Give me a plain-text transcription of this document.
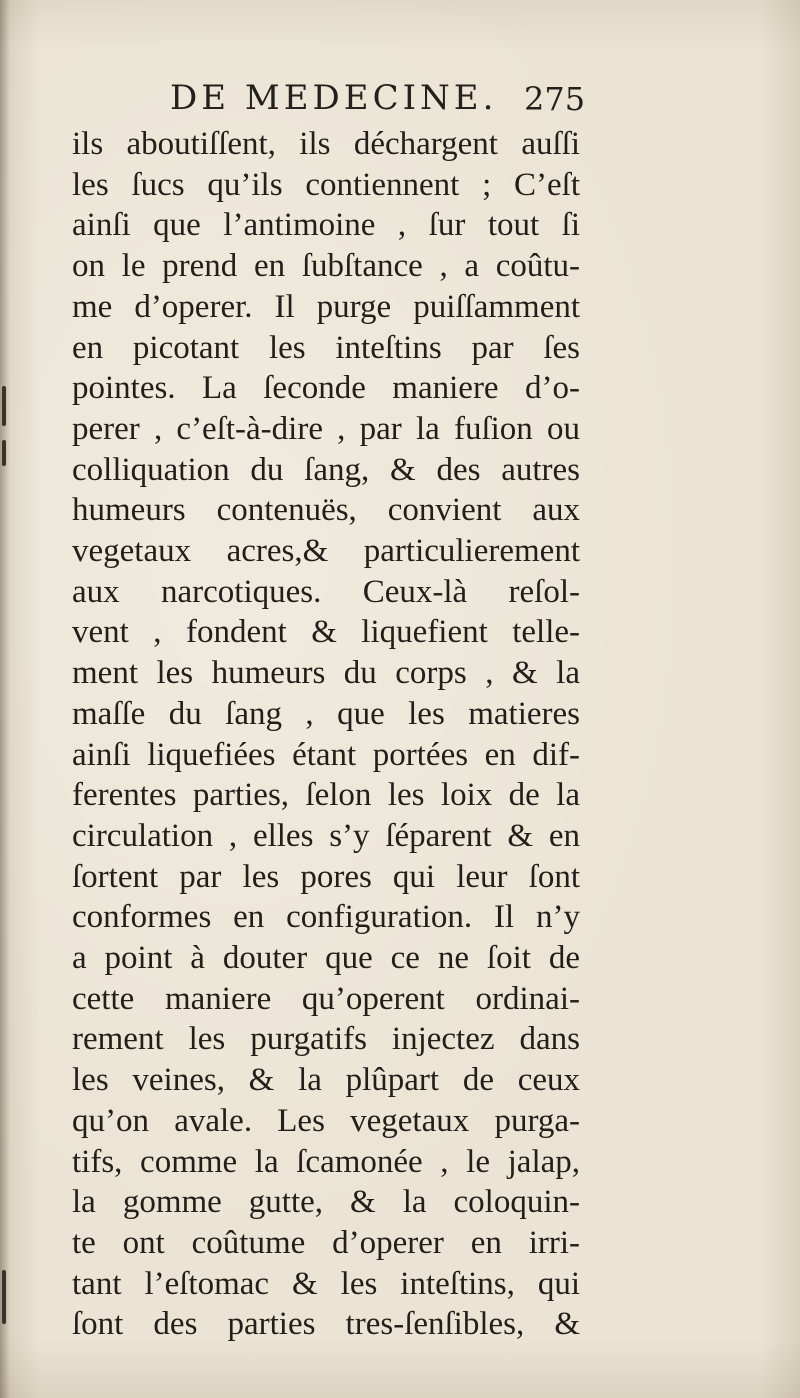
DE MEDECINE. 275
ils aboutiſſent, ils déchargent auſſi
les ſucs qu’ils contiennent ; C’eſt
ainſi que l’antimoine , ſur tout ſi
on le prend en ſubſtance , a coûtu-
me d’operer. Il purge puiſſamment
en picotant les inteſtins par ſes
pointes. La ſeconde maniere d’o-
perer , c’eſt-à-dire , par la fuſion ou
colliquation du ſang, & des autres
humeurs contenuës, convient aux
vegetaux acres,& particulierement
aux narcotiques. Ceux-là reſol-
vent , fondent & liquefient telle-
ment les humeurs du corps , & la
maſſe du ſang , que les matieres
ainſi liquefiées étant portées en dif-
ferentes parties, ſelon les loix de la
circulation , elles s’y ſéparent & en
ſortent par les pores qui leur ſont
conformes en configuration. Il n’y
a point à douter que ce ne ſoit de
cette maniere qu’operent ordinai-
rement les purgatifs injectez dans
les veines, & la plûpart de ceux
qu’on avale. Les vegetaux purga-
tifs, comme la ſcamonée , le jalap,
la gomme gutte, & la coloquin-
te ont coûtume d’operer en irri-
tant l’eſtomac & les inteſtins, qui
ſont des parties tres-ſenſibles, &
